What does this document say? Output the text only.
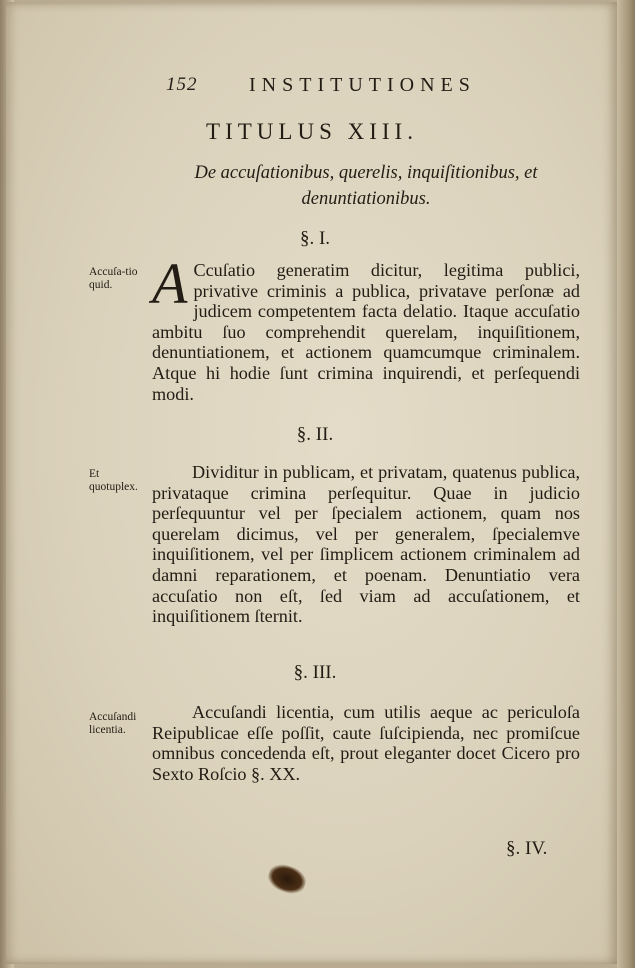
152	INSTITUTIONES
TITULUS XIII.
De accuſationibus, querelis, inquiſitionibus, et denuntiationibus.
§. I.
Accuſa-tio quid. A Ccuſatio generatim dicitur, legitima publici, privative criminis a publica, privatave perſonæ ad judicem competentem facta delatio. Itaque accuſatio ambitu ſuo comprehendit querelam, inquiſitionem, denuntiationem, et actionem quamcumque criminalem. Atque hi hodie ſunt crimina inquirendi, et perſequendi modi.
§. II.
Et quotuplex.
Dividitur in publicam, et privatam, quatenus publica, privataque crimina perſequitur. Quae in judicio perſequuntur vel per ſpecialem actionem, quam nos querelam dicimus, vel per generalem, ſpecialemve inquiſitionem, vel per ſimplicem actionem criminalem ad damni reparationem, et poenam. Denuntiatio vera accuſatio non eſt, ſed viam ad accuſationem, et inquiſitionem ſternit.
§. III.
Accuſandi licentia.
Accuſandi licentia, cum utilis aeque ac periculoſa Reipublicae eſſe poſſit, caute ſuſcipienda, nec promiſcue omnibus concedenda eſt, prout eleganter docet Cicero pro Sexto Roſcio §. XX.
§. IV.
